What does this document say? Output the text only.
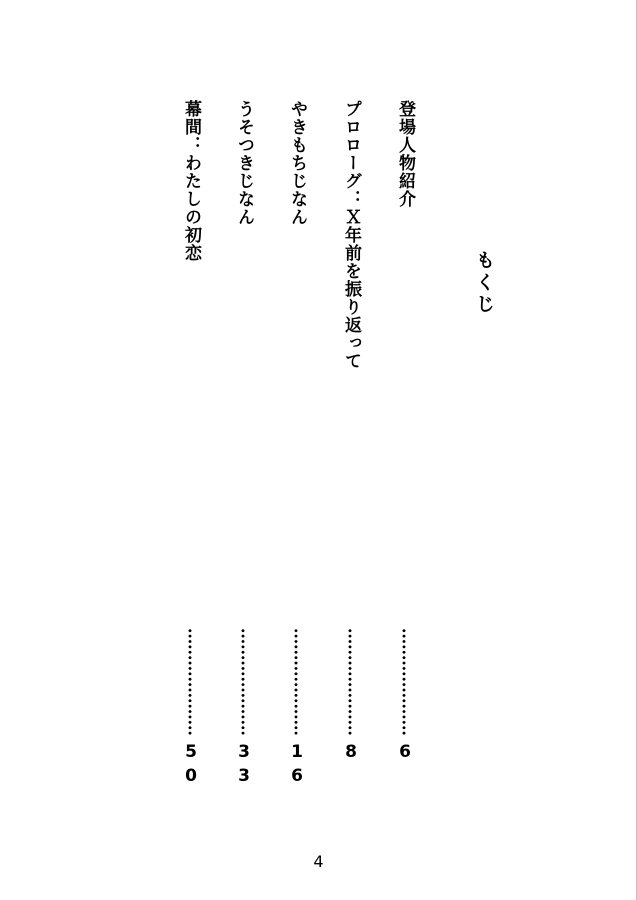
もくじ
登場人物紹介
6
プロローグ：Ｘ年前を振り返って
8
やきもちじなん
16
うそつきじなん
33
幕間：わたしの初恋
50
4
